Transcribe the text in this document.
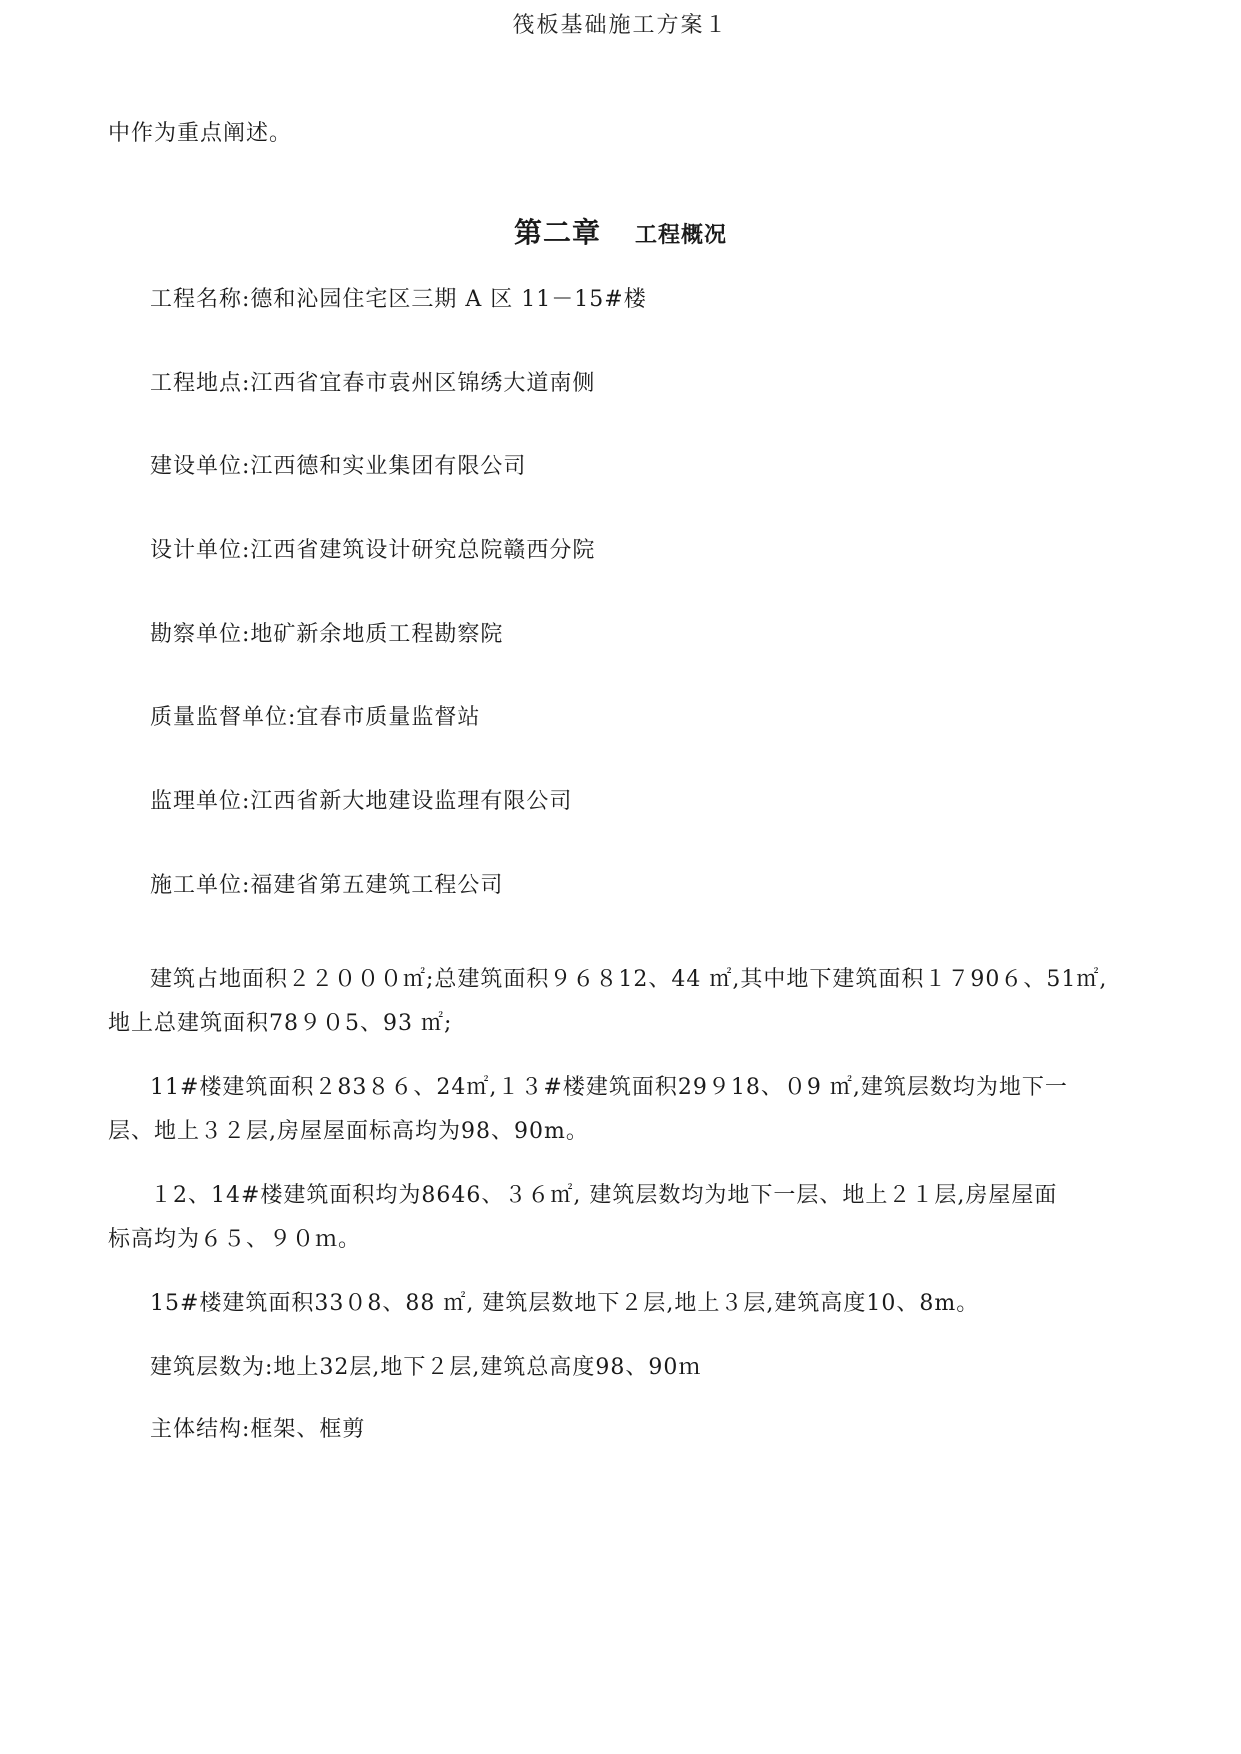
筏板基础施工方案１
中作为重点阐述。
第二章 工程概况
工程名称:德和沁园住宅区三期 A 区 11－15#楼
工程地点:江西省宜春市袁州区锦绣大道南侧
建设单位:江西德和实业集团有限公司
设计单位:江西省建筑设计研究总院赣西分院
勘察单位:地矿新余地质工程勘察院
质量监督单位:宜春市质量监督站
监理单位:江西省新大地建设监理有限公司
施工单位:福建省第五建筑工程公司
建筑占地面积２２０００㎡;总建筑面积９６８12、44 ㎡,其中地下建筑面积１７90６、51㎡,
地上总建筑面积78９０5、93 ㎡;
11#楼建筑面积２83８６、24㎡,１３#楼建筑面积29９18、０9 ㎡,建筑层数均为地下一
层、地上３２层,房屋屋面标高均为98、90m。
１2、14#楼建筑面积均为8646、３６㎡, 建筑层数均为地下一层、地上２１层,房屋屋面
标高均为６５、９０ｍ。
15#楼建筑面积33０8、88 ㎡, 建筑层数地下２层,地上３层,建筑高度10、8m。
建筑层数为:地上32层,地下２层,建筑总高度98、90ｍ
主体结构:框架、框剪
